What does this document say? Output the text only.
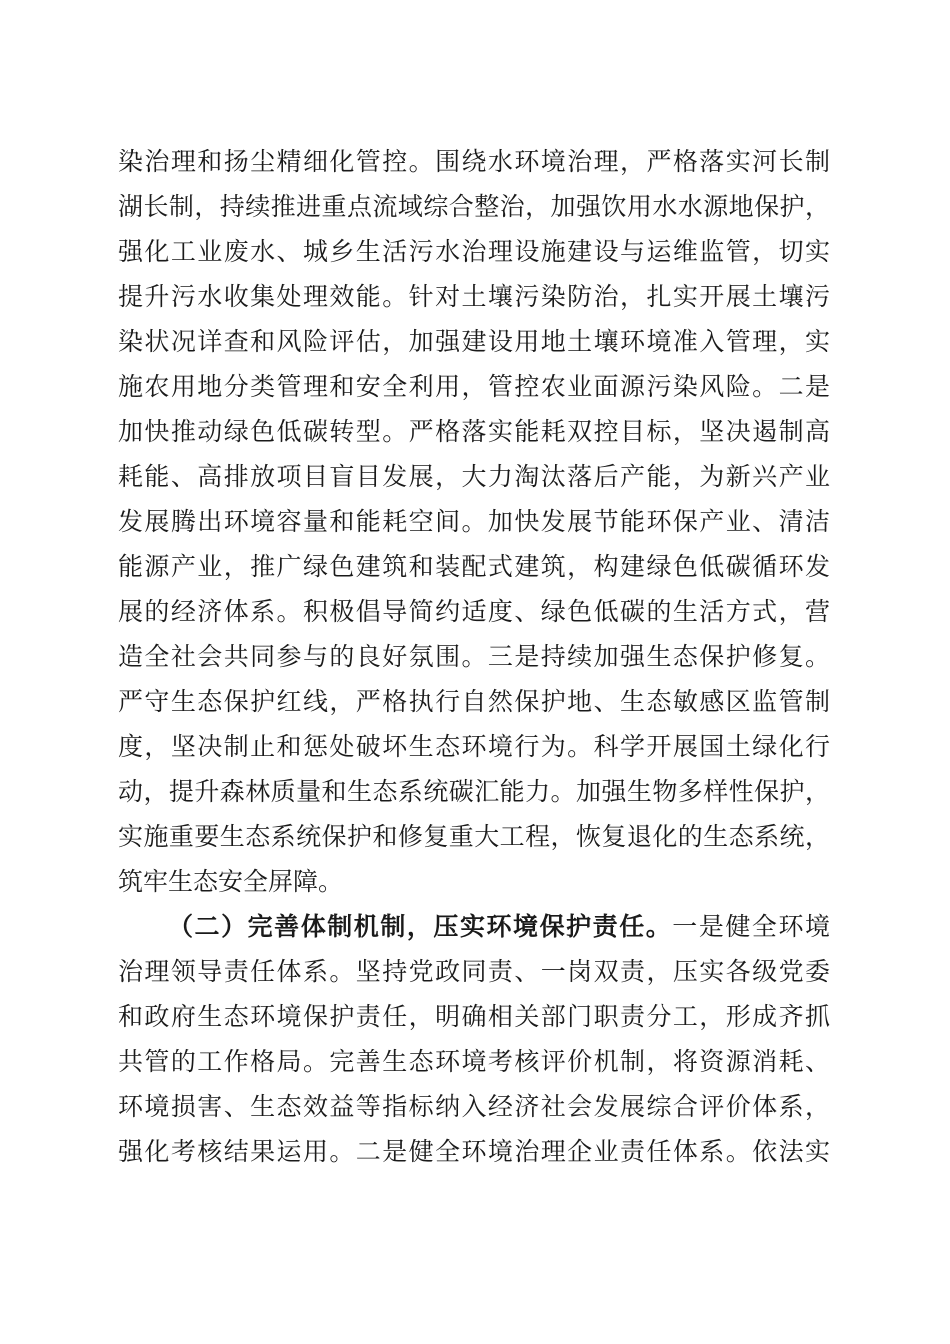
染治理和扬尘精细化管控。围绕水环境治理，严格落实河长制
湖长制，持续推进重点流域综合整治，加强饮用水水源地保护，
强化工业废水、城乡生活污水治理设施建设与运维监管，切实
提升污水收集处理效能。针对土壤污染防治，扎实开展土壤污
染状况详查和风险评估，加强建设用地土壤环境准入管理，实
施农用地分类管理和安全利用，管控农业面源污染风险。二是
加快推动绿色低碳转型。严格落实能耗双控目标，坚决遏制高
耗能、高排放项目盲目发展，大力淘汰落后产能，为新兴产业
发展腾出环境容量和能耗空间。加快发展节能环保产业、清洁
能源产业，推广绿色建筑和装配式建筑，构建绿色低碳循环发
展的经济体系。积极倡导简约适度、绿色低碳的生活方式，营
造全社会共同参与的良好氛围。三是持续加强生态保护修复。
严守生态保护红线，严格执行自然保护地、生态敏感区监管制
度，坚决制止和惩处破坏生态环境行为。科学开展国土绿化行
动，提升森林质量和生态系统碳汇能力。加强生物多样性保护，
实施重要生态系统保护和修复重大工程，恢复退化的生态系统，
筑牢生态安全屏障。
（二）完善体制机制，压实环境保护责任。一是健全环境
治理领导责任体系。坚持党政同责、一岗双责，压实各级党委
和政府生态环境保护责任，明确相关部门职责分工，形成齐抓
共管的工作格局。完善生态环境考核评价机制，将资源消耗、
环境损害、生态效益等指标纳入经济社会发展综合评价体系，
强化考核结果运用。二是健全环境治理企业责任体系。依法实
